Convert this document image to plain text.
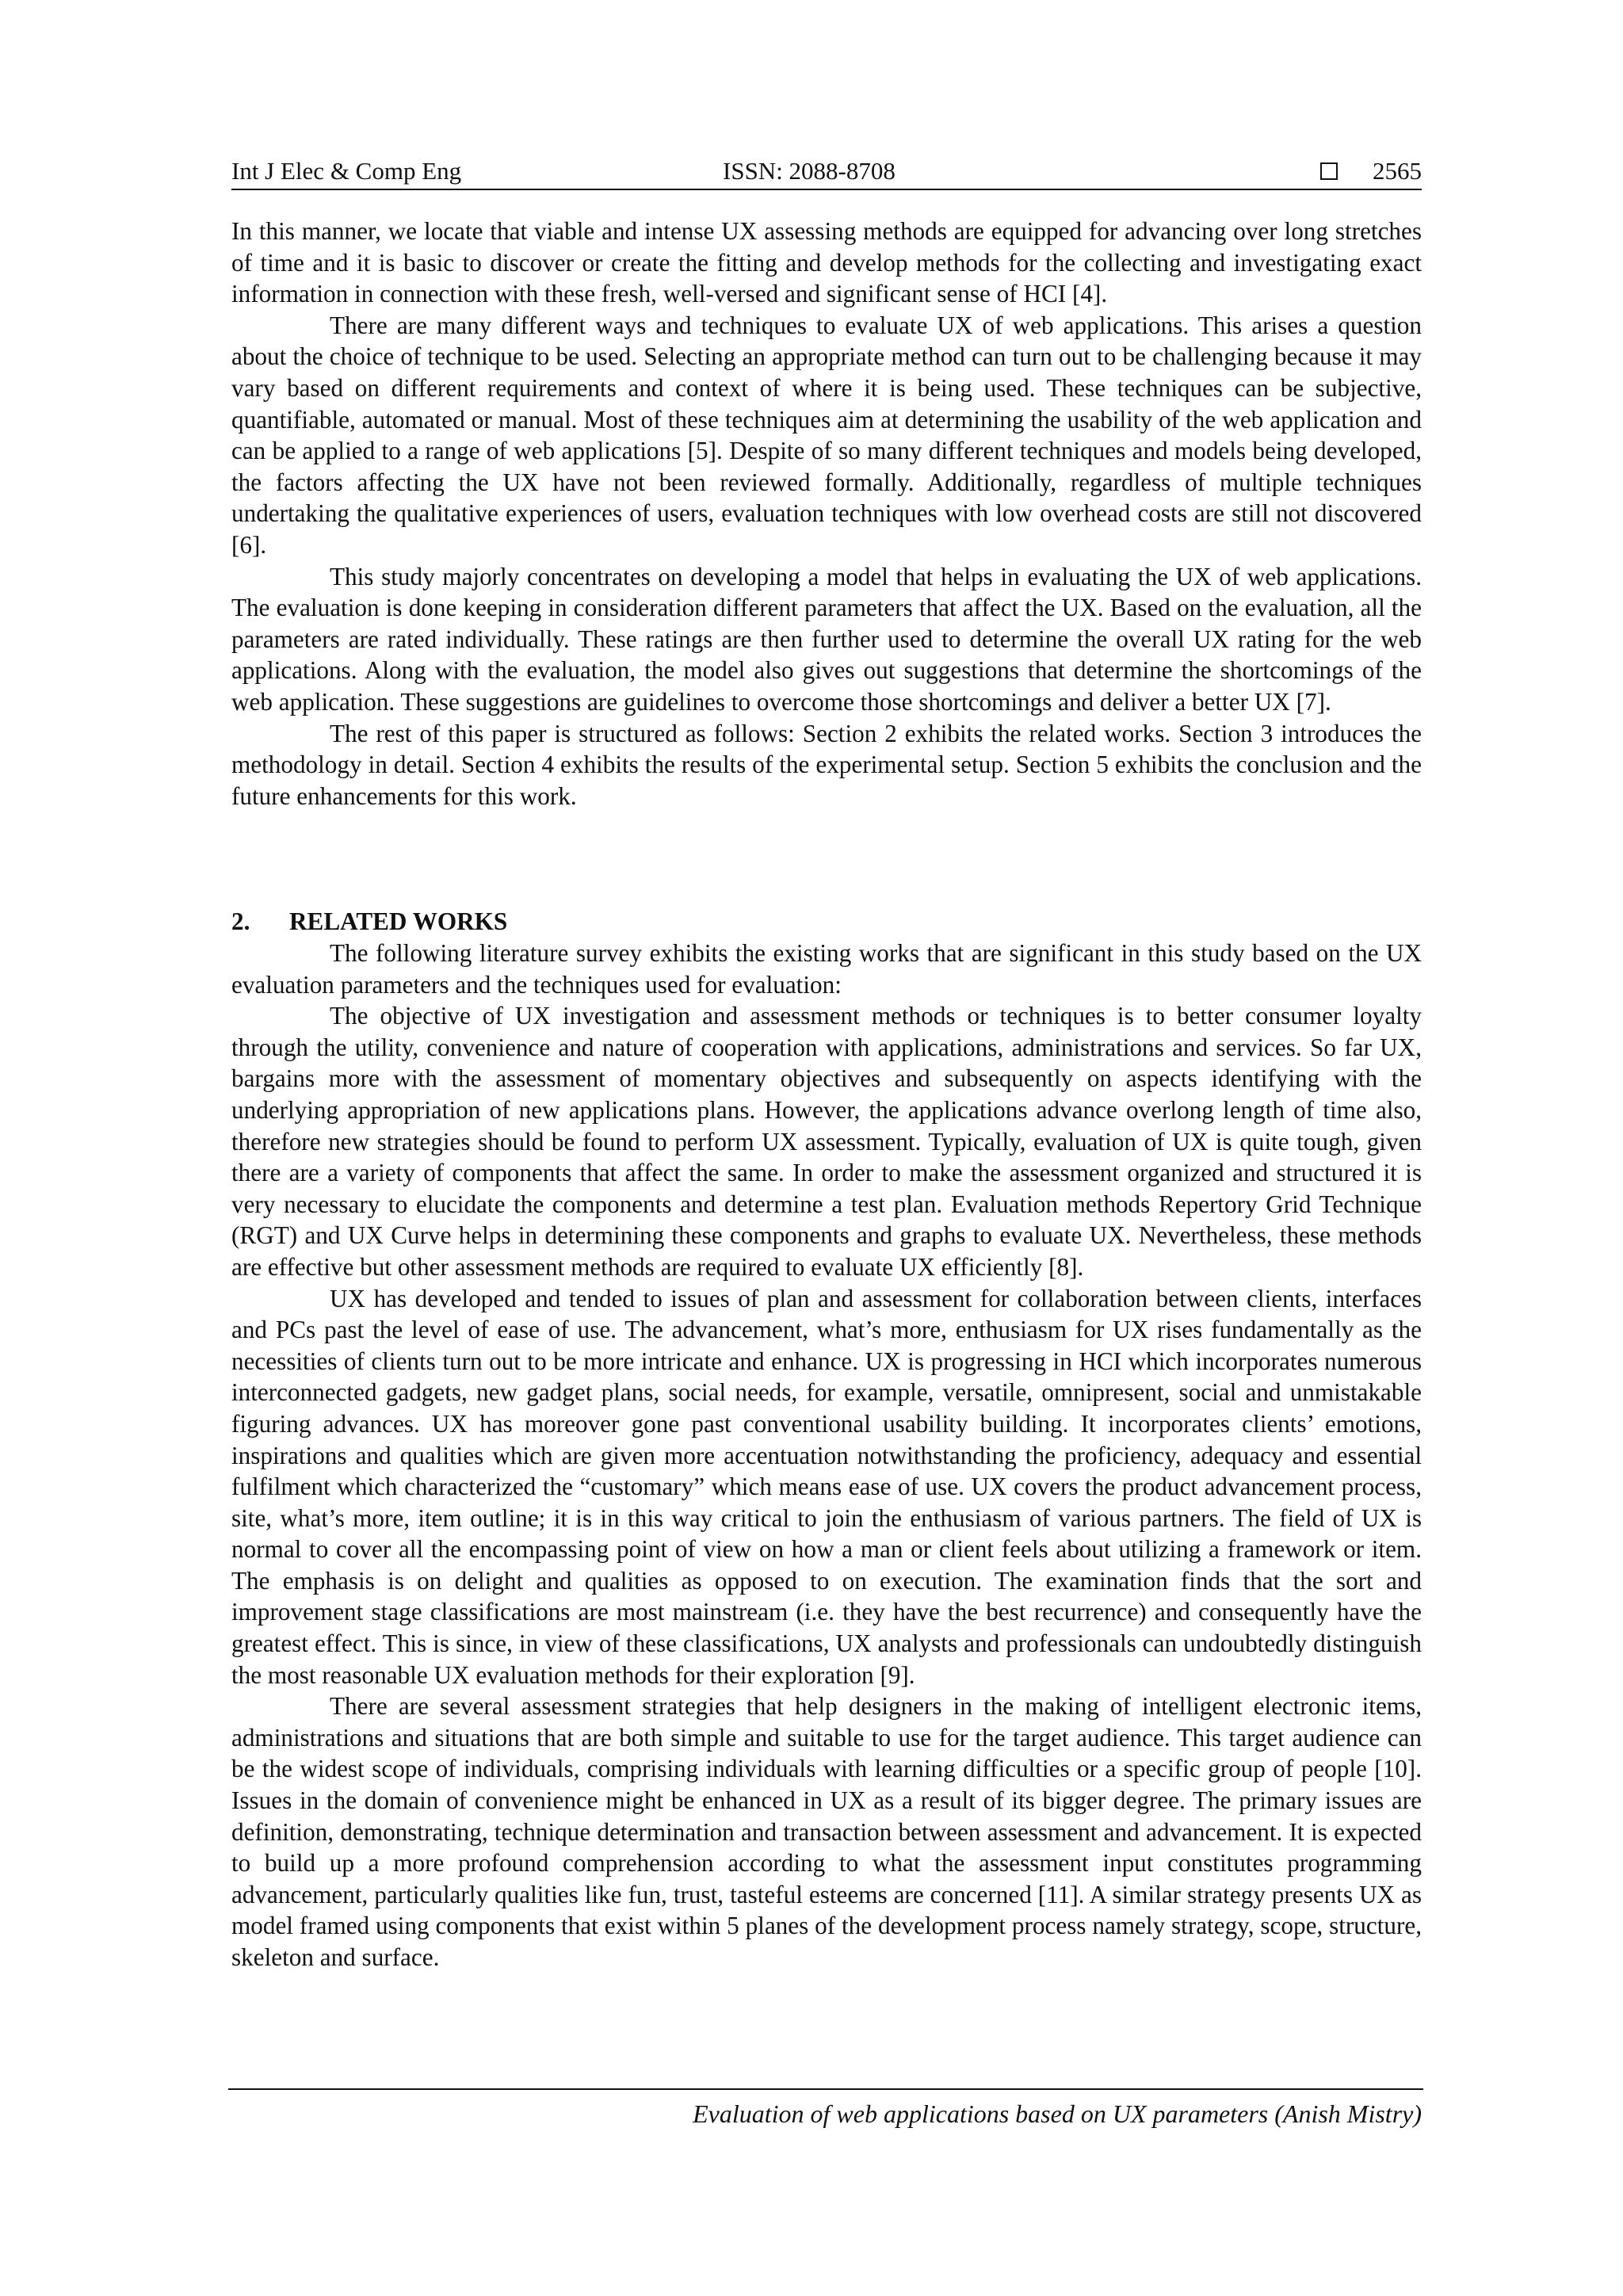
Int J Elec & Comp Eng	ISSN: 2088-8708	2565

In this manner, we locate that viable and intense UX assessing methods are equipped for advancing over long stretches of time and it is basic to discover or create the fitting and develop methods for the collecting and investigating exact information in connection with these fresh, well-versed and significant sense of HCI [4].

There are many different ways and techniques to evaluate UX of web applications. This arises a question about the choice of technique to be used. Selecting an appropriate method can turn out to be challenging because it may vary based on different requirements and context of where it is being used. These techniques can be subjective, quantifiable, automated or manual. Most of these techniques aim at determining the usability of the web application and can be applied to a range of web applications [5]. Despite of so many different techniques and models being developed, the factors affecting the UX have not been reviewed formally. Additionally, regardless of multiple techniques undertaking the qualitative experiences of users, evaluation techniques with low overhead costs are still not discovered [6].

This study majorly concentrates on developing a model that helps in evaluating the UX of web applications. The evaluation is done keeping in consideration different parameters that affect the UX. Based on the evaluation, all the parameters are rated individually. These ratings are then further used to determine the overall UX rating for the web applications. Along with the evaluation, the model also gives out suggestions that determine the shortcomings of the web application. These suggestions are guidelines to overcome those shortcomings and deliver a better UX [7].

The rest of this paper is structured as follows: Section 2 exhibits the related works. Section 3 introduces the methodology in detail. Section 4 exhibits the results of the experimental setup. Section 5 exhibits the conclusion and the future enhancements for this work.

2. RELATED WORKS

The following literature survey exhibits the existing works that are significant in this study based on the UX evaluation parameters and the techniques used for evaluation:

The objective of UX investigation and assessment methods or techniques is to better consumer loyalty through the utility, convenience and nature of cooperation with applications, administrations and services. So far UX, bargains more with the assessment of momentary objectives and subsequently on aspects identifying with the underlying appropriation of new applications plans. However, the applications advance overlong length of time also, therefore new strategies should be found to perform UX assessment. Typically, evaluation of UX is quite tough, given there are a variety of components that affect the same. In order to make the assessment organized and structured it is very necessary to elucidate the components and determine a test plan. Evaluation methods Repertory Grid Technique (RGT) and UX Curve helps in determining these components and graphs to evaluate UX. Nevertheless, these methods are effective but other assessment methods are required to evaluate UX efficiently [8].

UX has developed and tended to issues of plan and assessment for collaboration between clients, interfaces and PCs past the level of ease of use. The advancement, what’s more, enthusiasm for UX rises fundamentally as the necessities of clients turn out to be more intricate and enhance. UX is progressing in HCI which incorporates numerous interconnected gadgets, new gadget plans, social needs, for example, versatile, omnipresent, social and unmistakable figuring advances. UX has moreover gone past conventional usability building. It incorporates clients’ emotions, inspirations and qualities which are given more accentuation notwithstanding the proficiency, adequacy and essential fulfilment which characterized the “customary” which means ease of use. UX covers the product advancement process, site, what’s more, item outline; it is in this way critical to join the enthusiasm of various partners. The field of UX is normal to cover all the encompassing point of view on how a man or client feels about utilizing a framework or item. The emphasis is on delight and qualities as opposed to on execution. The examination finds that the sort and improvement stage classifications are most mainstream (i.e. they have the best recurrence) and consequently have the greatest effect. This is since, in view of these classifications, UX analysts and professionals can undoubtedly distinguish the most reasonable UX evaluation methods for their exploration [9].

There are several assessment strategies that help designers in the making of intelligent electronic items, administrations and situations that are both simple and suitable to use for the target audience. This target audience can be the widest scope of individuals, comprising individuals with learning difficulties or a specific group of people [10]. Issues in the domain of convenience might be enhanced in UX as a result of its bigger degree. The primary issues are definition, demonstrating, technique determination and transaction between assessment and advancement. It is expected to build up a more profound comprehension according to what the assessment input constitutes programming advancement, particularly qualities like fun, trust, tasteful esteems are concerned [11]. A similar strategy presents UX as model framed using components that exist within 5 planes of the development process namely strategy, scope, structure, skeleton and surface.

Evaluation of web applications based on UX parameters (Anish Mistry)
